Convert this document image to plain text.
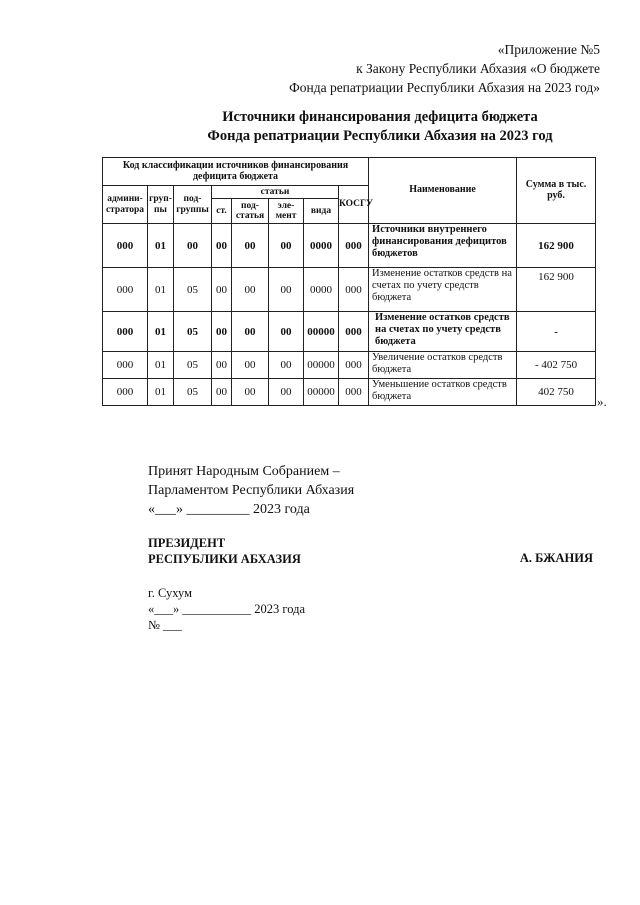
«Приложение №5
к Закону Республики Абхазия «О бюджете
Фонда репатриации Республики Абхазия на 2023 год»
Источники финансирования дефицита бюджета
Фонда репатриации Республики Абхазия на 2023 год
Код классификации источников финансирования дефицита бюджета								Наименование	Сумма в тыс. руб.
админи-стратора	груп-пы	под-группы	статьи				КОСГУ		
			ст.	под-статья	эле-мент	вида			
000	01	00	00	00	00	0000	000	Источники внутреннего финансирования дефицитов бюджетов	162 900
000	01	05	00	00	00	0000	000	Изменение остатков средств на счетах по учету средств бюджета	162 900
000	01	05	00	00	00	00000	000	Изменение остатков средств на счетах по учету средств бюджета	-
000	01	05	00	00	00	00000	000	Увеличение остатков средств бюджета	- 402 750
000	01	05	00	00	00	00000	000	Уменьшение остатков средств бюджета	402 750
».
Принят Народным Собранием –
Парламентом Республики Абхазия
«___» _________ 2023 года
ПРЕЗИДЕНТ
РЕСПУБЛИКИ АБХАЗИЯ	А. БЖАНИЯ
г. Сухум
«___» ___________ 2023 года
№ ___
